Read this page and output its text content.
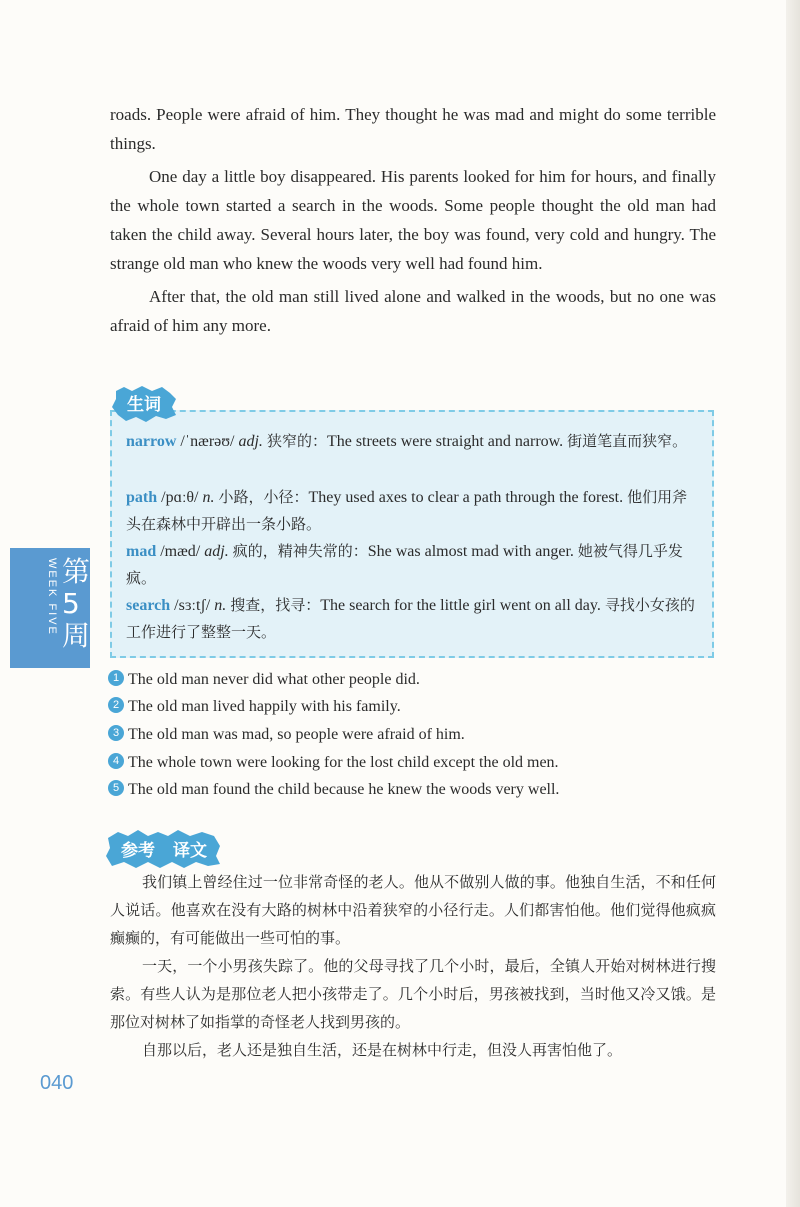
roads. People were afraid of him. They thought he was mad and might do some terrible things.

One day a little boy disappeared. His parents looked for him for hours, and finally the whole town started a search in the woods. Some people thought the old man had taken the child away. Several hours later, the boy was found, very cold and hungry. The strange old man who knew the woods very well had found him.

After that, the old man still lived alone and walked in the woods, but no one was afraid of him any more.

生词
narrow /ˈnærəʊ/ adj. 狭窄的：The streets were straight and narrow. 街道笔直而狭窄。
path /pɑːθ/ n. 小路，小径：They used axes to clear a path through the forest. 他们用斧头在森林中开辟出一条小路。
mad /mæd/ adj. 疯的，精神失常的：She was almost mad with anger. 她被气得几乎发疯。
search /sɜːtʃ/ n. 搜查，找寻：The search for the little girl went on all day. 寻找小女孩的工作进行了整整一天。
WEEK FIVE 第
5
周
1 The old man never did what other people did.
2 The old man lived happily with his family.
3 The old man was mad, so people were afraid of him.
4 The whole town were looking for the lost child except the old men.
5 The old man found the child because he knew the woods very well.
参考 译文

我们镇上曾经住过一位非常奇怪的老人。他从不做别人做的事。他独自生活，不和任何人说话。他喜欢在没有大路的树林中沿着狭窄的小径行走。人们都害怕他。他们觉得他疯疯癫癫的，有可能做出一些可怕的事。

一天，一个小男孩失踪了。他的父母寻找了几个小时，最后，全镇人开始对树林进行搜索。有些人认为是那位老人把小孩带走了。几个小时后，男孩被找到，当时他又冷又饿。是那位对树林了如指掌的奇怪老人找到男孩的。

自那以后，老人还是独自生活，还是在树林中行走，但没人再害怕他了。

040
